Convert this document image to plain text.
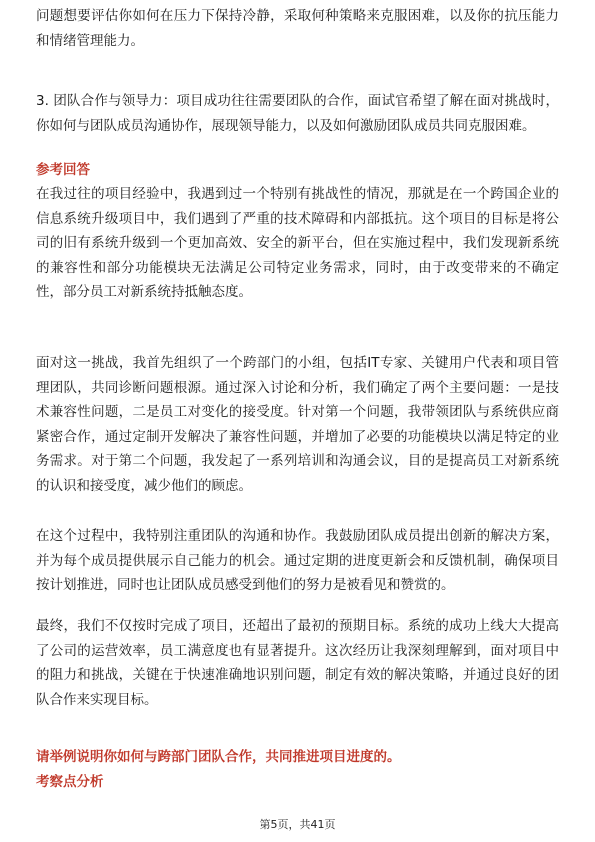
问题想要评估你如何在压力下保持冷静，采取何种策略来克服困难，以及你的抗压能力和情绪管理能力。

3. 团队合作与领导力：项目成功往往需要团队的合作，面试官希望了解在面对挑战时，你如何与团队成员沟通协作，展现领导能力，以及如何激励团队成员共同克服困难。

参考回答

在我过往的项目经验中，我遇到过一个特别有挑战性的情况，那就是在一个跨国企业的信息系统升级项目中，我们遇到了严重的技术障碍和内部抵抗。这个项目的目标是将公司的旧有系统升级到一个更加高效、安全的新平台，但在实施过程中，我们发现新系统的兼容性和部分功能模块无法满足公司特定业务需求，同时，由于改变带来的不确定性，部分员工对新系统持抵触态度。

面对这一挑战，我首先组织了一个跨部门的小组，包括IT专家、关键用户代表和项目管理团队，共同诊断问题根源。通过深入讨论和分析，我们确定了两个主要问题：一是技术兼容性问题，二是员工对变化的接受度。针对第一个问题，我带领团队与系统供应商紧密合作，通过定制开发解决了兼容性问题，并增加了必要的功能模块以满足特定的业务需求。对于第二个问题，我发起了一系列培训和沟通会议，目的是提高员工对新系统的认识和接受度，减少他们的顾虑。

在这个过程中，我特别注重团队的沟通和协作。我鼓励团队成员提出创新的解决方案，并为每个成员提供展示自己能力的机会。通过定期的进度更新会和反馈机制，确保项目按计划推进，同时也让团队成员感受到他们的努力是被看见和赞赏的。

最终，我们不仅按时完成了项目，还超出了最初的预期目标。系统的成功上线大大提高了公司的运营效率，员工满意度也有显著提升。这次经历让我深刻理解到，面对项目中的阻力和挑战，关键在于快速准确地识别问题，制定有效的解决策略，并通过良好的团队合作来实现目标。

请举例说明你如何与跨部门团队合作，共同推进项目进度的。

考察点分析

第5页，共41页
